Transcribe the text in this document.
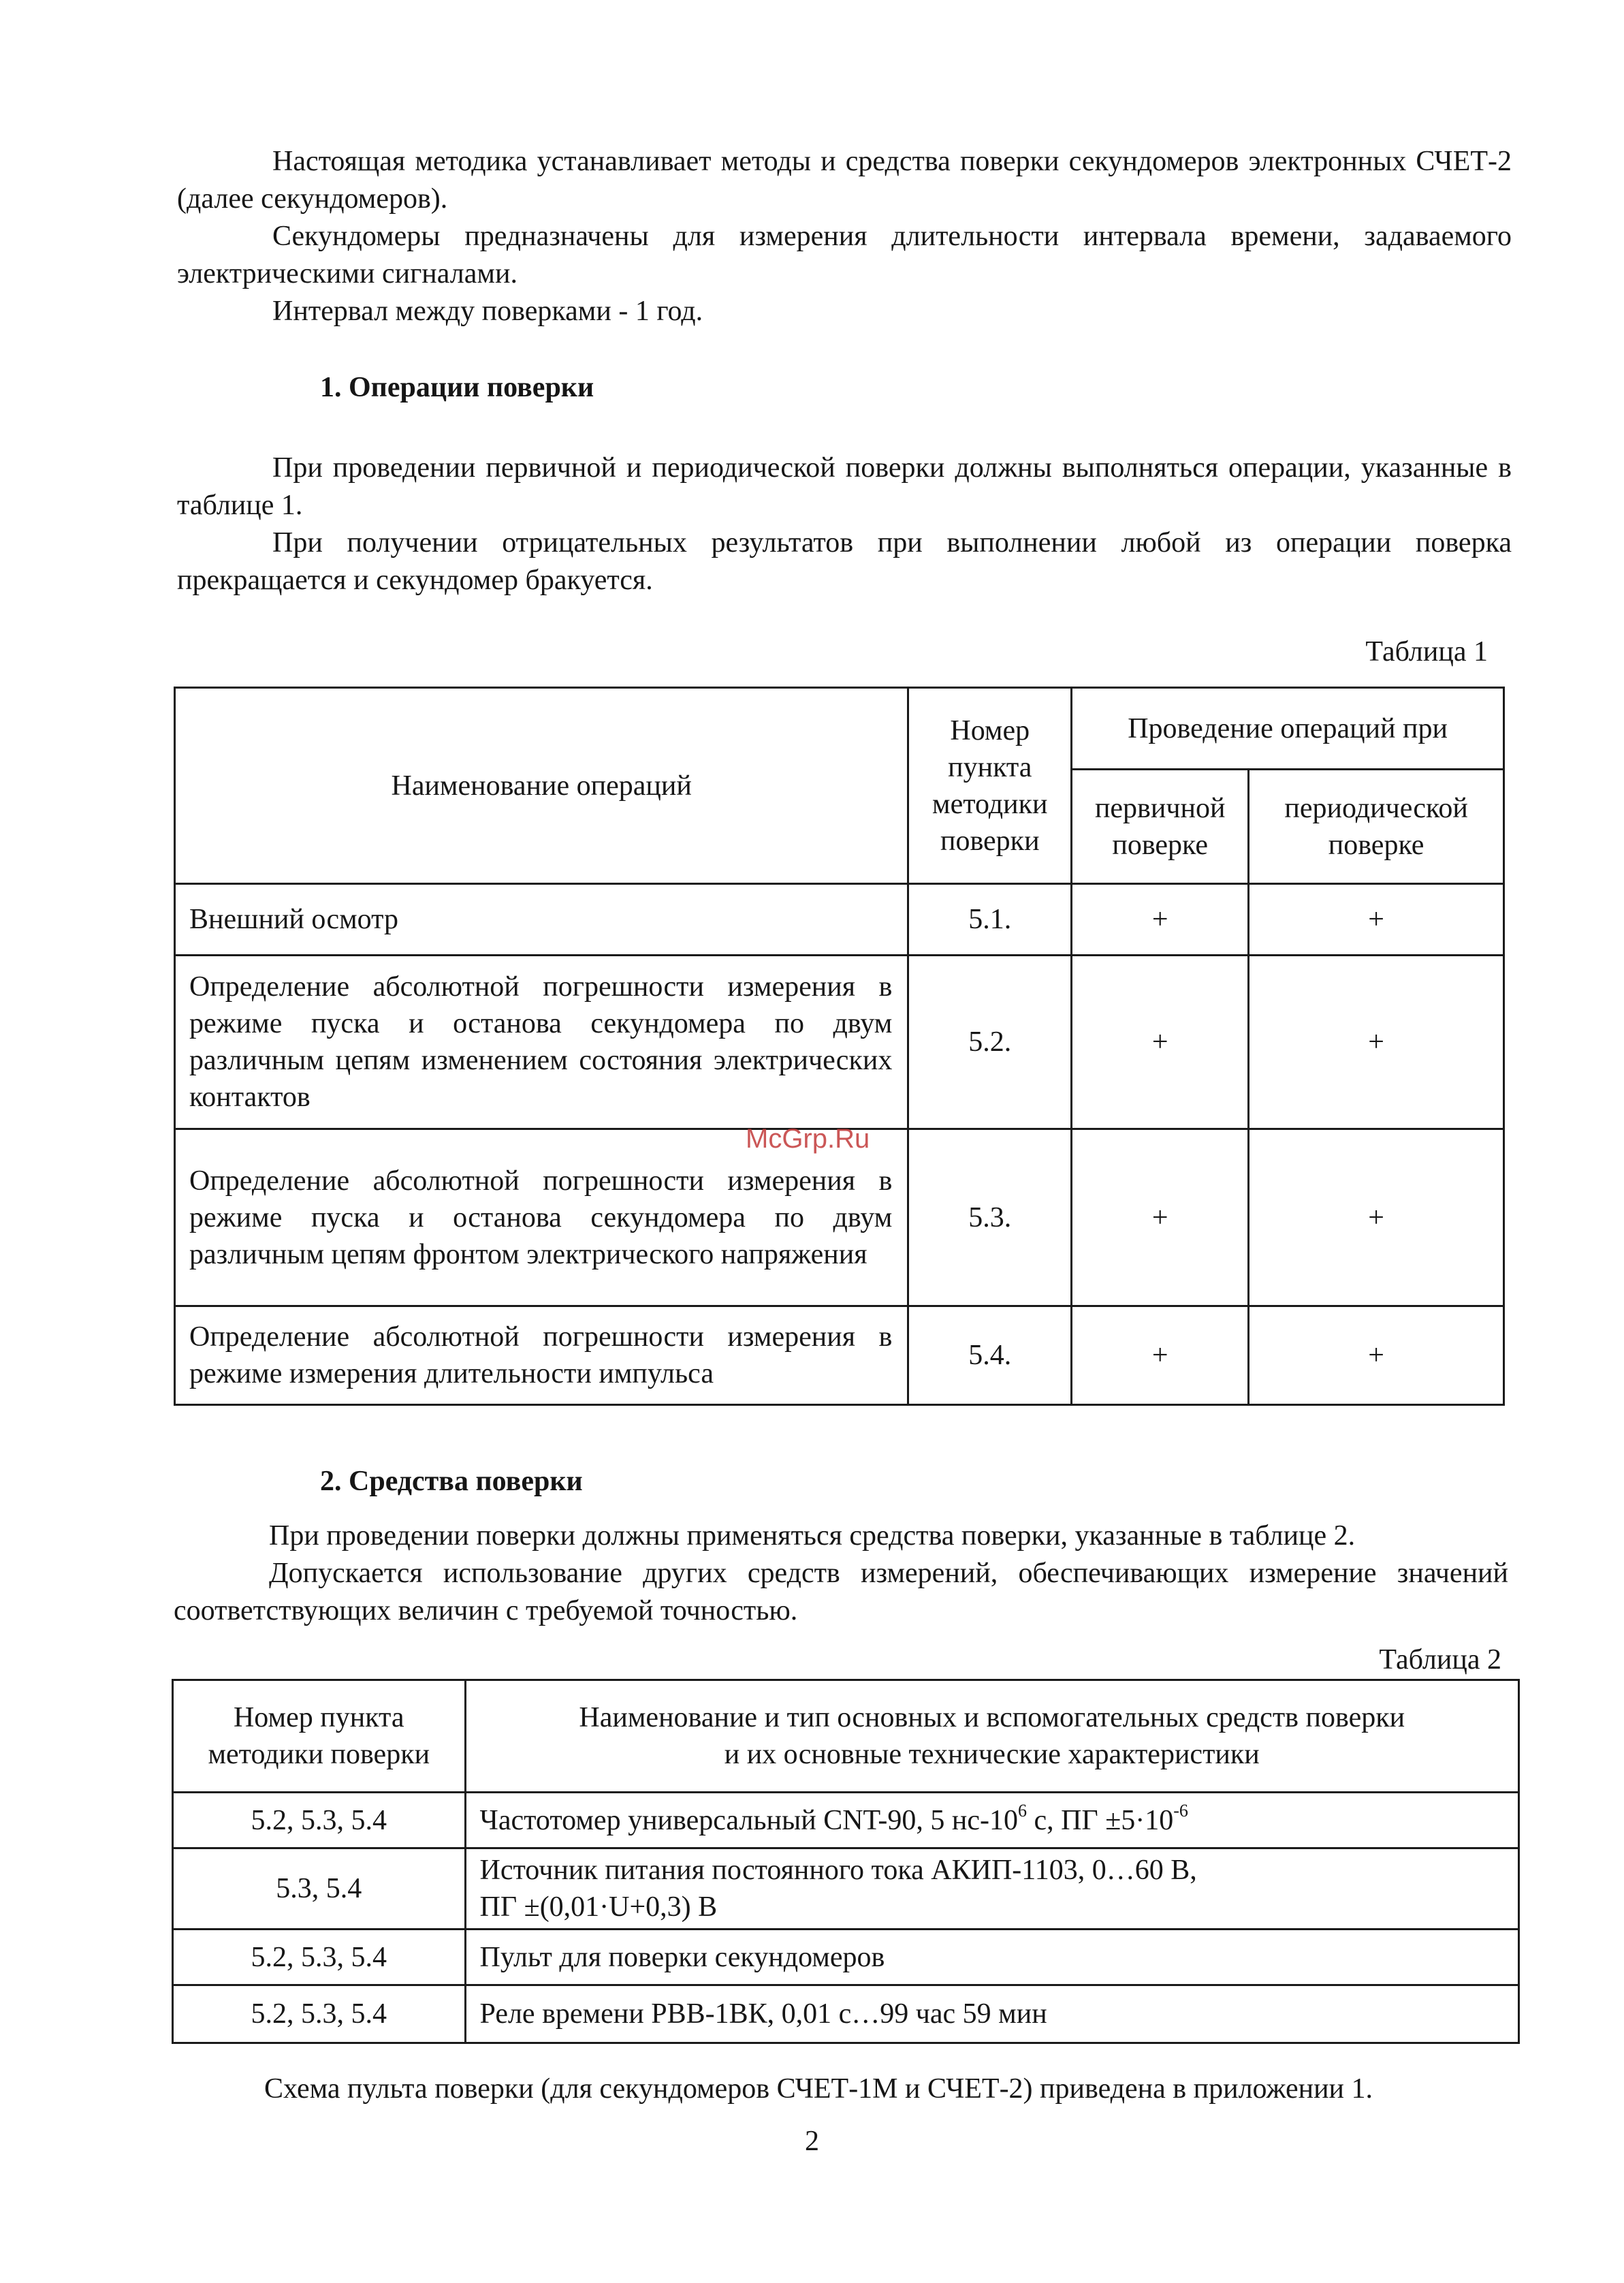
Настоящая методика устанавливает методы и средства поверки секундомеров электронных СЧЕТ-2 (далее секундомеров).

Секундомеры предназначены для измерения длительности интервала времени, задаваемого электрическими сигналами.

Интервал между поверками - 1 год.

1. Операции поверки

При проведении первичной и периодической поверки должны выполняться операции, указанные в таблице 1.

При получении отрицательных результатов при выполнении любой из операции поверка прекращается и секундомер бракуется.

Таблица 1
Наименование операций	Номер пункта методики поверки	Проведение операций при	
		первичной поверке	периодической поверке
Внешний осмотр	5.1.	+	+
Определение абсолютной погрешности измерения в режиме пуска и останова секундомера по двум различным цепям изменением состояния электрических контактов	5.2.	+	+
Определение абсолютной погрешности измерения в режиме пуска и останова секундомера по двум различным цепям фронтом электрического напряжения	5.3.	+	+
Определение абсолютной погрешности измерения в режиме измерения длительности импульса	5.4.	+	+
McGrp.Ru
2. Средства поверки

При проведении поверки должны применяться средства поверки, указанные в таблице 2.

Допускается использование других средств измерений, обеспечивающих измерение значений соответствующих величин с требуемой точностью.

Таблица 2
Номер пункта методики поверки	Наименование и тип основных и вспомогательных средств поверки
и их основные технические характеристики

5.2, 5.3, 5.4	Частотомер универсальный CNT-90, 5 $нс-10^6$ с, ПГ $\pm 5\cdot 10^{-6}$
5.3, 5.4	Источник питания постоянного тока АКИП-1103, 0…60 В,
ПГ ±(0,01·U+0,3) В

5.2, 5.3, 5.4	Пульт для поверки секундомеров
5.2, 5.3, 5.4	Реле времени РВВ-1ВК, 0,01 с…99 час 59 мин
Схема пульта поверки (для секундомеров СЧЕТ-1М и СЧЕТ-2) приведена в приложении 1.
2
